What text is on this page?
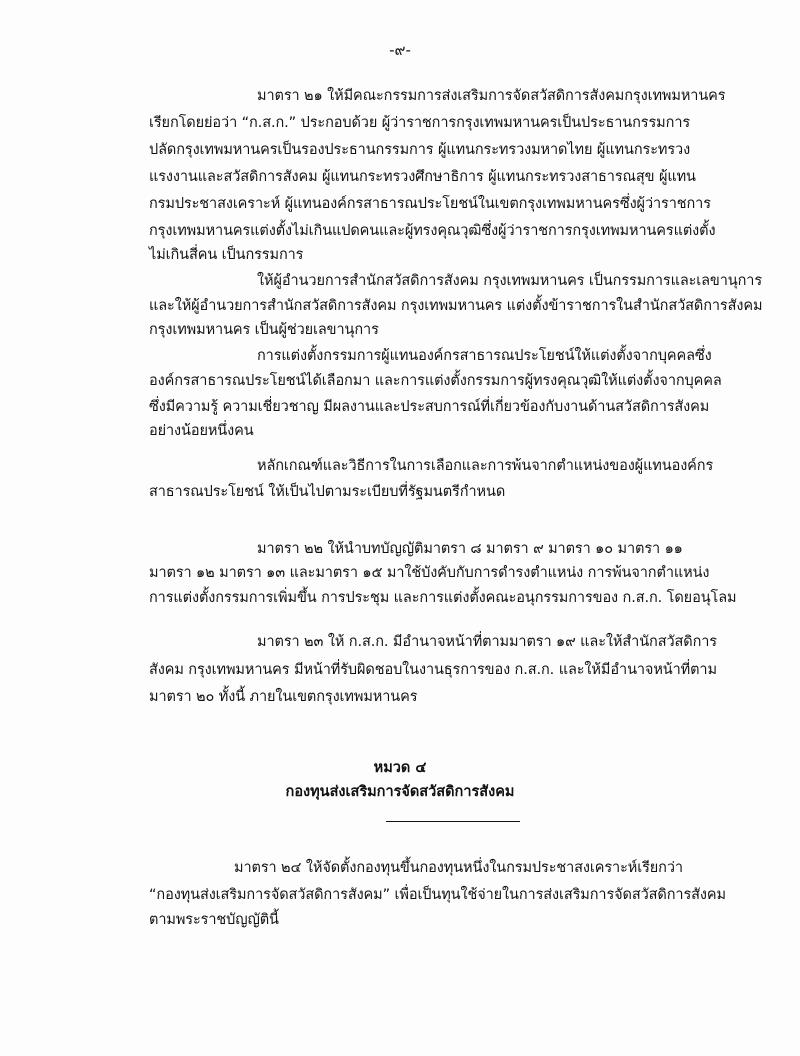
-๙-
มาตรา ๒๑ ให้มีคณะกรรมการส่งเสริมการจัดสวัสดิการสังคมกรุงเทพมหานคร
เรียกโดยย่อว่า “ก.ส.ก.” ประกอบด้วย ผู้ว่าราชการกรุงเทพมหานครเป็นประธานกรรมการ
ปลัดกรุงเทพมหานครเป็นรองประธานกรรมการ ผู้แทนกระทรวงมหาดไทย ผู้แทนกระทรวง
แรงงานและสวัสดิการสังคม ผู้แทนกระทรวงศึกษาธิการ ผู้แทนกระทรวงสาธารณสุข ผู้แทน
กรมประชาสงเคราะห์ ผู้แทนองค์กรสาธารณประโยชน์ในเขตกรุงเทพมหานครซึ่งผู้ว่าราชการ
กรุงเทพมหานครแต่งตั้งไม่เกินแปดคนและผู้ทรงคุณวุฒิซึ่งผู้ว่าราชการกรุงเทพมหานครแต่งตั้ง
ไม่เกินสี่คน เป็นกรรมการ
ให้ผู้อำนวยการสำนักสวัสดิการสังคม กรุงเทพมหานคร เป็นกรรมการและเลขานุการ
และให้ผู้อำนวยการสำนักสวัสดิการสังคม กรุงเทพมหานคร แต่งตั้งข้าราชการในสำนักสวัสดิการสังคม
กรุงเทพมหานคร เป็นผู้ช่วยเลขานุการ
การแต่งตั้งกรรมการผู้แทนองค์กรสาธารณประโยชน์ให้แต่งตั้งจากบุคคลซึ่ง
องค์กรสาธารณประโยชน์ได้เลือกมา และการแต่งตั้งกรรมการผู้ทรงคุณวุฒิให้แต่งตั้งจากบุคคล
ซึ่งมีความรู้ ความเชี่ยวชาญ มีผลงานและประสบการณ์ที่เกี่ยวข้องกับงานด้านสวัสดิการสังคม
อย่างน้อยหนึ่งคน
หลักเกณฑ์และวิธีการในการเลือกและการพ้นจากตำแหน่งของผู้แทนองค์กร
สาธารณประโยชน์ ให้เป็นไปตามระเบียบที่รัฐมนตรีกำหนด
มาตรา ๒๒ ให้นำบทบัญญัติมาตรา ๘ มาตรา ๙ มาตรา ๑๐ มาตรา ๑๑
มาตรา ๑๒ มาตรา ๑๓ และมาตรา ๑๕ มาใช้บังคับกับการดำรงตำแหน่ง การพ้นจากตำแหน่ง
การแต่งตั้งกรรมการเพิ่มขึ้น การประชุม และการแต่งตั้งคณะอนุกรรมการของ ก.ส.ก. โดยอนุโลม
มาตรา ๒๓ ให้ ก.ส.ก. มีอำนาจหน้าที่ตามมาตรา ๑๙ และให้สำนักสวัสดิการ
สังคม กรุงเทพมหานคร มีหน้าที่รับผิดชอบในงานธุรการของ ก.ส.ก. และให้มีอำนาจหน้าที่ตาม
มาตรา ๒๐ ทั้งนี้ ภายในเขตกรุงเทพมหานคร
หมวด ๔
กองทุนส่งเสริมการจัดสวัสดิการสังคม
มาตรา ๒๔ ให้จัดตั้งกองทุนขึ้นกองทุนหนึ่งในกรมประชาสงเคราะห์เรียกว่า
“กองทุนส่งเสริมการจัดสวัสดิการสังคม” เพื่อเป็นทุนใช้จ่ายในการส่งเสริมการจัดสวัสดิการสังคม
ตามพระราชบัญญัตินี้
